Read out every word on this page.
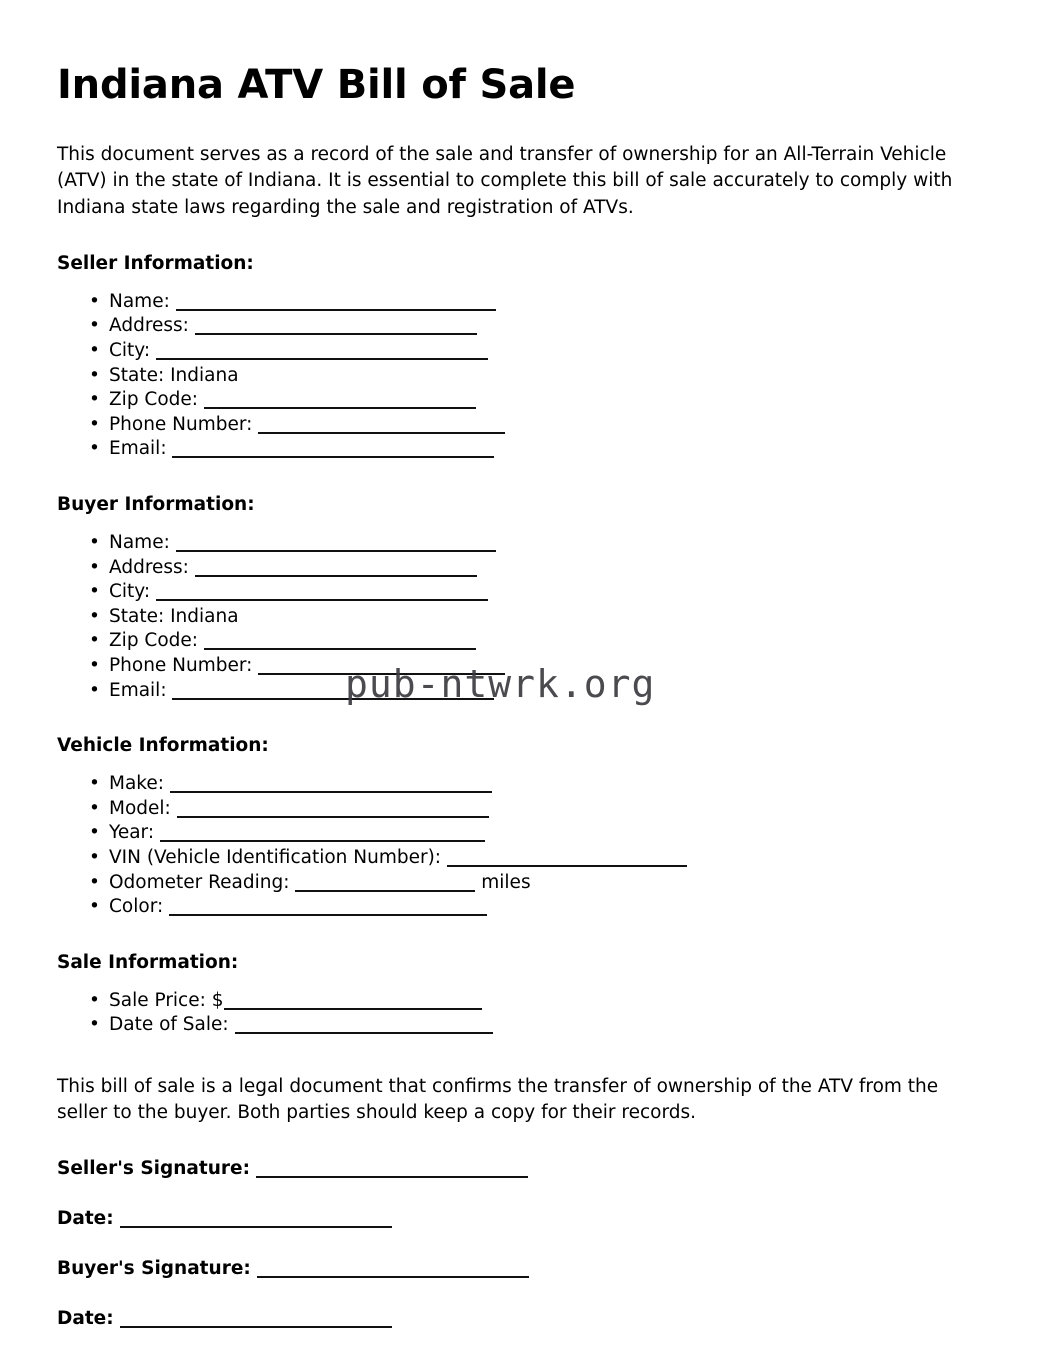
Indiana ATV Bill of Sale

This document serves as a record of the sale and transfer of ownership for an All-Terrain Vehicle (ATV) in the state of Indiana. It is essential to complete this bill of sale accurately to comply with Indiana state laws regarding the sale and registration of ATVs.

Seller Information:
• Name:
• Address:
• City:
• State: Indiana
• Zip Code:
• Phone Number:
• Email:
Buyer Information:
• Name:
• Address:
• City:
• State: Indiana
• Zip Code:
• Phone Number:
• Email:
Vehicle Information:
• Make:
• Model:
• Year:
• VIN (Vehicle Identification Number):
• Odometer Reading:	miles
• Color:
Sale Information:
• Sale Price: $
• Date of Sale:

This bill of sale is a legal document that confirms the transfer of ownership of the ATV from the seller to the buyer. Both parties should keep a copy for their records.

Seller's Signature:
Date:
Buyer's Signature:
Date:
pub-ntwrk.org
